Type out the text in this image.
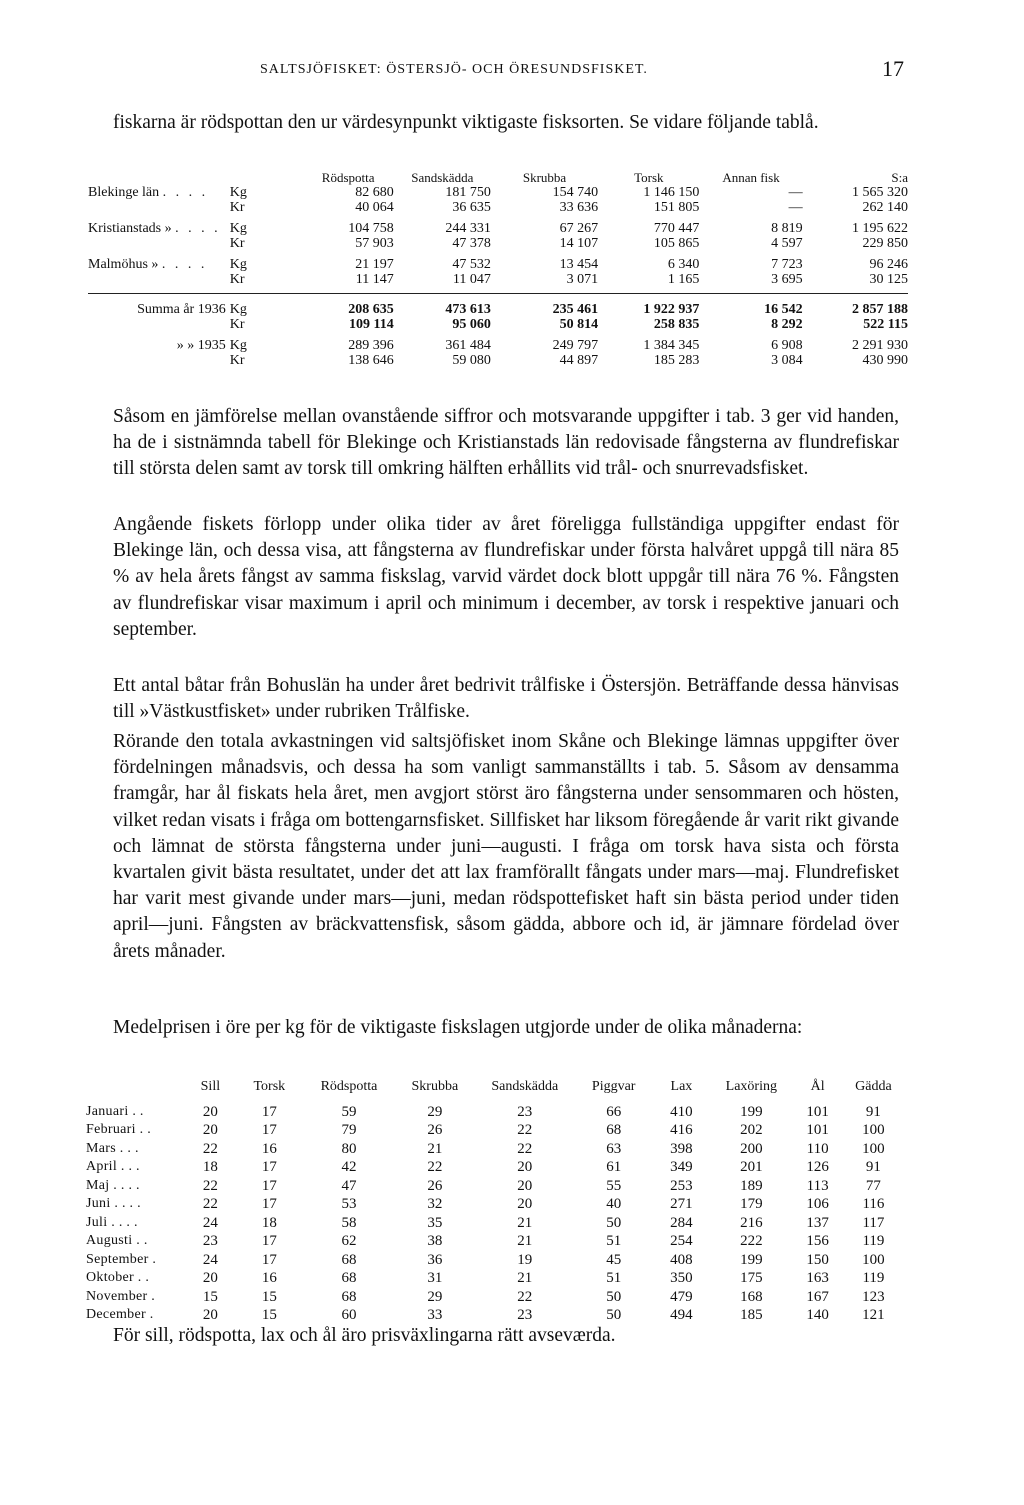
SALTSJÖFISKET: ÖSTERSJÖ- OCH ÖRESUNDSFISKET.	17

fiskarna är rödspottan den ur värdesynpunkt viktigaste fisksorten. Se vidare följande tablå.

		Rödspotta	Sandskädda	Skrubba	Torsk	Annan fisk	S:a
Blekinge län . . . .	Kg	82 680	181 750	154 740	1 146 150	—	1 565 320
	Kr	40 064	36 635	33 636	151 805	—	262 140

Kristianstads » . . . .	Kg	104 758	244 331	67 267	770 447	8 819	1 195 622
	Kr	57 903	47 378	14 107	105 865	4 597	229 850

Malmöhus » . . . .	Kg	21 197	47 532	13 454	6 340	7 723	96 246
	Kr	11 147	11 047	3 071	1 165	3 695	30 125

Summa år 1936	Kg	208 635	473 613	235 461	1 922 937	16 542	2 857 188
	Kr	109 114	95 060	50 814	258 835	8 292	522 115

» » 1935	Kg	289 396	361 484	249 797	1 384 345	6 908	2 291 930
	Kr	138 646	59 080	44 897	185 283	3 084	430 990

Såsom en jämförelse mellan ovanstående siffror och motsvarande uppgifter i tab. 3 ger vid handen, ha de i sistnämnda tabell för Blekinge och Kristianstads län redovisade fångsterna av flundrefiskar till största delen samt av torsk till omkring hälften erhållits vid trål- och snurrevadsfisket.

Angående fiskets förlopp under olika tider av året föreligga fullständiga uppgifter endast för Blekinge län, och dessa visa, att fångsterna av flundrefiskar under första halvåret uppgå till nära 85 % av hela årets fångst av samma fiskslag, varvid värdet dock blott uppgår till nära 76 %. Fångsten av flundrefiskar visar maximum i april och minimum i december, av torsk i respektive januari och september.

Ett antal båtar från Bohuslän ha under året bedrivit trålfiske i Östersjön. Beträffande dessa hänvisas till »Västkustfisket» under rubriken Trålfiske.

Rörande den totala avkastningen vid saltsjöfisket inom Skåne och Blekinge lämnas uppgifter över fördelningen månadsvis, och dessa ha som vanligt sammanställts i tab. 5. Såsom av densamma framgår, har ål fiskats hela året, men avgjort störst äro fångsterna under sensommaren och hösten, vilket redan visats i fråga om bottengarnsfisket. Sillfisket har liksom föregående år varit rikt givande och lämnat de största fångsterna under juni—augusti. I fråga om torsk hava sista och första kvartalen givit bästa resultatet, under det att lax framförallt fångats under mars—maj. Flundrefisket har varit mest givande under mars—juni, medan rödspottefisket haft sin bästa period under tiden april—juni. Fångsten av bräckvattensfisk, såsom gädda, abbore och id, är jämnare fördelad över årets månader.

Medelprisen i öre per kg för de viktigaste fiskslagen utgjorde under de olika månaderna:

	Sill	Torsk	Rödspotta	Skrubba	Sandskädda	Piggvar	Lax	Laxöring	Ål	Gädda
Januari . .	20	17	59	29	23	66	410	199	101	91
Februari . .	20	17	79	26	22	68	416	202	101	100
Mars . . .	22	16	80	21	22	63	398	200	110	100
April . . .	18	17	42	22	20	61	349	201	126	91
Maj . . . .	22	17	47	26	20	55	253	189	113	77
Juni . . . .	22	17	53	32	20	40	271	179	106	116
Juli . . . .	24	18	58	35	21	50	284	216	137	117
Augusti . .	23	17	62	38	21	51	254	222	156	119
September .	24	17	68	36	19	45	408	199	150	100
Oktober . .	20	16	68	31	21	51	350	175	163	119
November .	15	15	68	29	22	50	479	168	167	123
December .	20	15	60	33	23	50	494	185	140	121

För sill, rödspotta, lax och ål äro prisväxlingarna rätt avseværda.
